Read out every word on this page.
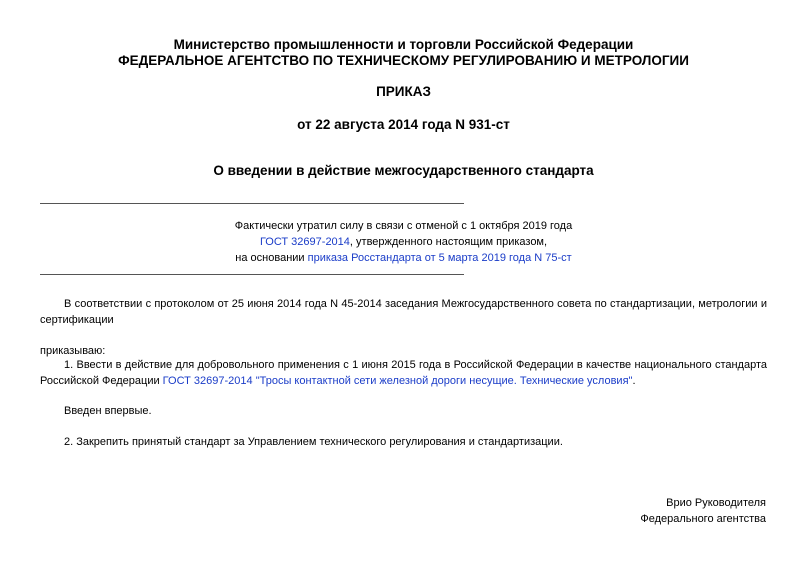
Министерство промышленности и торговли Российской Федерации
ФЕДЕРАЛЬНОЕ АГЕНТСТВО ПО ТЕХНИЧЕСКОМУ РЕГУЛИРОВАНИЮ И МЕТРОЛОГИИ
ПРИКАЗ
от 22 августа 2014 года N 931-ст
О введении в действие межгосударственного стандарта
Фактически утратил силу в связи с отменой с 1 октября 2019 года
ГОСТ 32697-2014, утвержденного настоящим приказом,
на основании приказа Росстандарта от 5 марта 2019 года N 75-ст
В соответствии с протоколом от 25 июня 2014 года N 45-2014 заседания Межгосударственного совета по стандартизации, метрологии и сертификации
приказываю:
1. Ввести в действие для добровольного применения с 1 июня 2015 года в Российской Федерации в качестве национального стандарта Российской Федерации ГОСТ 32697-2014 "Тросы контактной сети железной дороги несущие. Технические условия".
Введен впервые.
2. Закрепить принятый стандарт за Управлением технического регулирования и стандартизации.
Врио Руководителя
Федерального агентства
